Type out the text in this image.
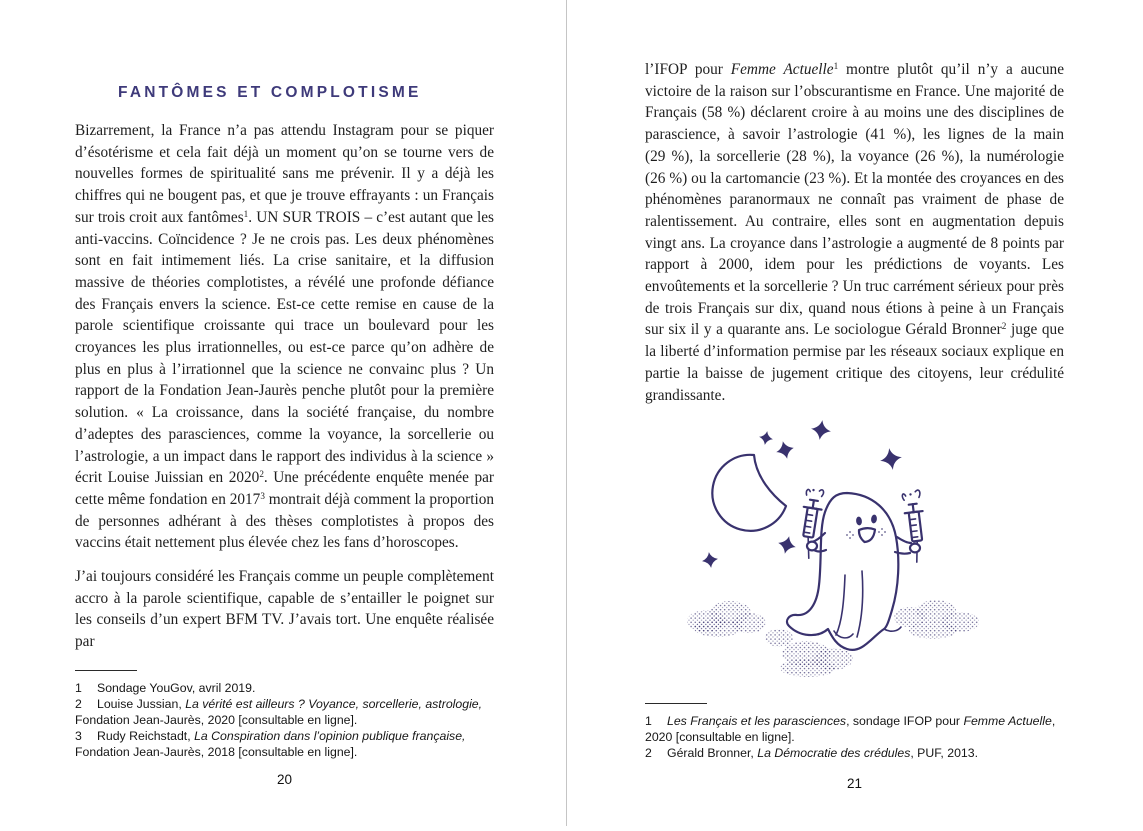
FANTÔMES ET COMPLOTISME

Bizarrement, la France n’a pas attendu Instagram pour se piquer d’ésotérisme et cela fait déjà un moment qu’on se tourne vers de nouvelles formes de spiritualité sans me prévenir. Il y a déjà les chiffres qui ne bougent pas, et que je trouve effrayants : un Français sur trois croit aux fantômes$^1$. UN SUR TROIS – c’est autant que les anti-vaccins. Coïncidence ? Je ne crois pas. Les deux phénomènes sont en fait intimement liés. La crise sanitaire, et la diffusion massive de théories complotistes, a révélé une profonde défiance des Français envers la science. Est-ce cette remise en cause de la parole scientifique croissante qui trace un boulevard pour les croyances les plus irrationnelles, ou est-ce parce qu’on adhère de plus en plus à l’irrationnel que la science ne convainc plus ? Un rapport de la Fondation Jean-Jaurès penche plutôt pour la première solution. « La croissance, dans la société française, du nombre d’adeptes des parasciences, comme la voyance, la sorcellerie ou l’astrologie, a un impact dans le rapport des individus à la science » écrit Louise Juissian en 2020$^2$. Une précédente enquête menée par cette même fondation en 2017$^3$ montrait déjà comment la proportion de personnes adhérant à des thèses complotistes à propos des vaccins était nettement plus élevée chez les fans d’horoscopes.

J’ai toujours considéré les Français comme un peuple complètement accro à la parole scientifique, capable de s’entailler le poignet sur les conseils d’un expert BFM TV. J’avais tort. Une enquête réalisée par

1 Sondage YouGov, avril 2019.

2 Louise Jussian, La vérité est ailleurs ? Voyance, sorcellerie, astrologie, Fondation Jean-Jaurès, 2020 [consultable en ligne].

3 Rudy Reichstadt, La Conspiration dans l’opinion publique française, Fondation Jean-Jaurès, 2018 [consultable en ligne].

20

l’IFOP pour Femme Actuelle$^1$ montre plutôt qu’il n’y a aucune victoire de la raison sur l’obscurantisme en France. Une majorité de Français (58 %) déclarent croire à au moins une des disciplines de parascience, à savoir l’astrologie (41 %), les lignes de la main (29 %), la sorcellerie (28 %), la voyance (26 %), la numérologie (26 %) ou la cartomancie (23 %). Et la montée des croyances en des phénomènes paranormaux ne connaît pas vraiment de phase de ralentissement. Au contraire, elles sont en augmentation depuis vingt ans. La croyance dans l’astrologie a augmenté de 8 points par rapport à 2000, idem pour les prédictions de voyants. Les envoûtements et la sorcellerie ? Un truc carrément sérieux pour près de trois Français sur dix, quand nous étions à peine à un Français sur six il y a quarante ans. Le sociologue Gérald Bronner$^2$ juge que la liberté d’information permise par les réseaux sociaux explique en partie la baisse de jugement critique des citoyens, leur crédulité grandissante.

1 Les Français et les parasciences, sondage IFOP pour Femme Actuelle, 2020 [consultable en ligne].

2 Gérald Bronner, La Démocratie des crédules, PUF, 2013.

21
